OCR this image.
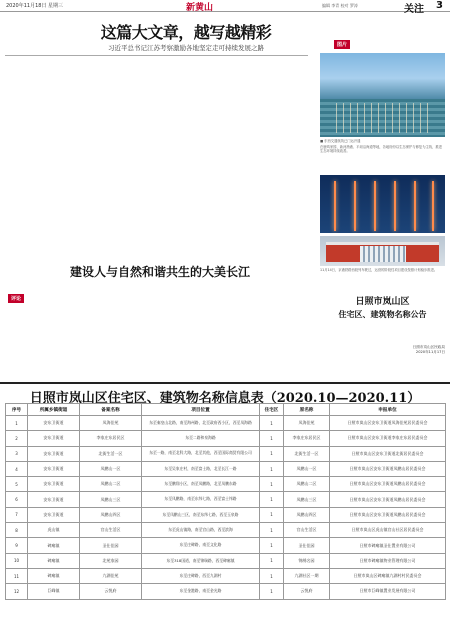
2020年11月18日 星期三	新黄山	编辑 李青 校对 罗涛	关注 3
这篇大文章，越写越精彩
习近平总书记江苏考察激励各地坚定走可持续发展之路	图片
■ 东西交通航线已门运开通
在鹿鸣家园、新河渔港、平坦沿海道等地，各地纷纷以生态保护与修复为主线，推进生态环境持续改善。
11月14日，京港铁路西段列车驶过，运营的阶段性项目建设按照计划稳步推进。
建设人与自然和谐共生的大美长江
评论	日照市岚山区
住宅区、建筑物名称公告
日照市岚山区民政局
2020年11月17日
日照市岚山区住宅区、建筑物名称信息表（2020.10—2020.11）
序号	所属乡镇街道	备案名称	项目位置	住宅区	原名称	申报单位
1	安东卫街道	凤海佳苑	东至秦皇山北路，南至海州路，北至政府西小区，西至凤海路	1	凤海佳苑	日照市岚山区安东卫街道凤海佳苑居民委员会
2	安东卫街道	李家庄东居民区	东至二路和泉海路	1	李家庄东居民区	日照市岚山区安东卫街道李家庄东居民委员会
3	安东卫街道	北街生活一区	东至一路，南至北科大路，北至其他，西至国际商贸有限公司	1	北街生活一区	日照市岚山区安东卫街道北街居民委员会
4	安东卫街道	凤鹏山一区	东至吴家庄村，南至富士路，北至长江一路	1	凤鹏山一区	日照市岚山区安东卫街道凤鹏山居民委员会
5	安东卫街道	凤鹏山二区	东至鹏翔小区，南至凤鹏路，北至凤鹏东路	1	凤鹏山二区	日照市岚山区安东卫街道凤鹏山居民委员会
6	安东卫街道	凤鹏山三区	东至凤鹏路，南至东纬七路，西至富士纬路	1	凤鹏山三区	日照市岚山区安东卫街道凤鹏山居民委员会
7	安东卫街道	凤鹏山四区	东至凤鹏山三区，南至东纬七路，西至玉泉路	1	凤鹏山四区	日照市岚山区安东卫街道凤鹏山居民委员会
8	虎山镇	官山生活区	东至虎山镇路，南至官山路，西至滨海	1	官山生活区	日照市岚山区虎山镇官山社区居民委员会
9	碑廓镇	圣仕佳园	东至庄碑路，南至文化路	1	圣仕佳园	日照市碑廓镇圣仕置业有限公司
10	碑廓镇	北苑家园	东至318国道，南至锦瑞路，西至碑廓镇	1	锦绣名园	日照市碑廓镇物业管理有限公司
11	碑廓镇	九湖佳苑	东至庄碑路，西至九湖村	1	九湖社区一期	日照市岚山区碑廓镇九湖村村民委员会
12	巨峰镇	云悦府	东至金港路，南至金光路	1	云悦府	日照市巨峰镇置业发展有限公司
